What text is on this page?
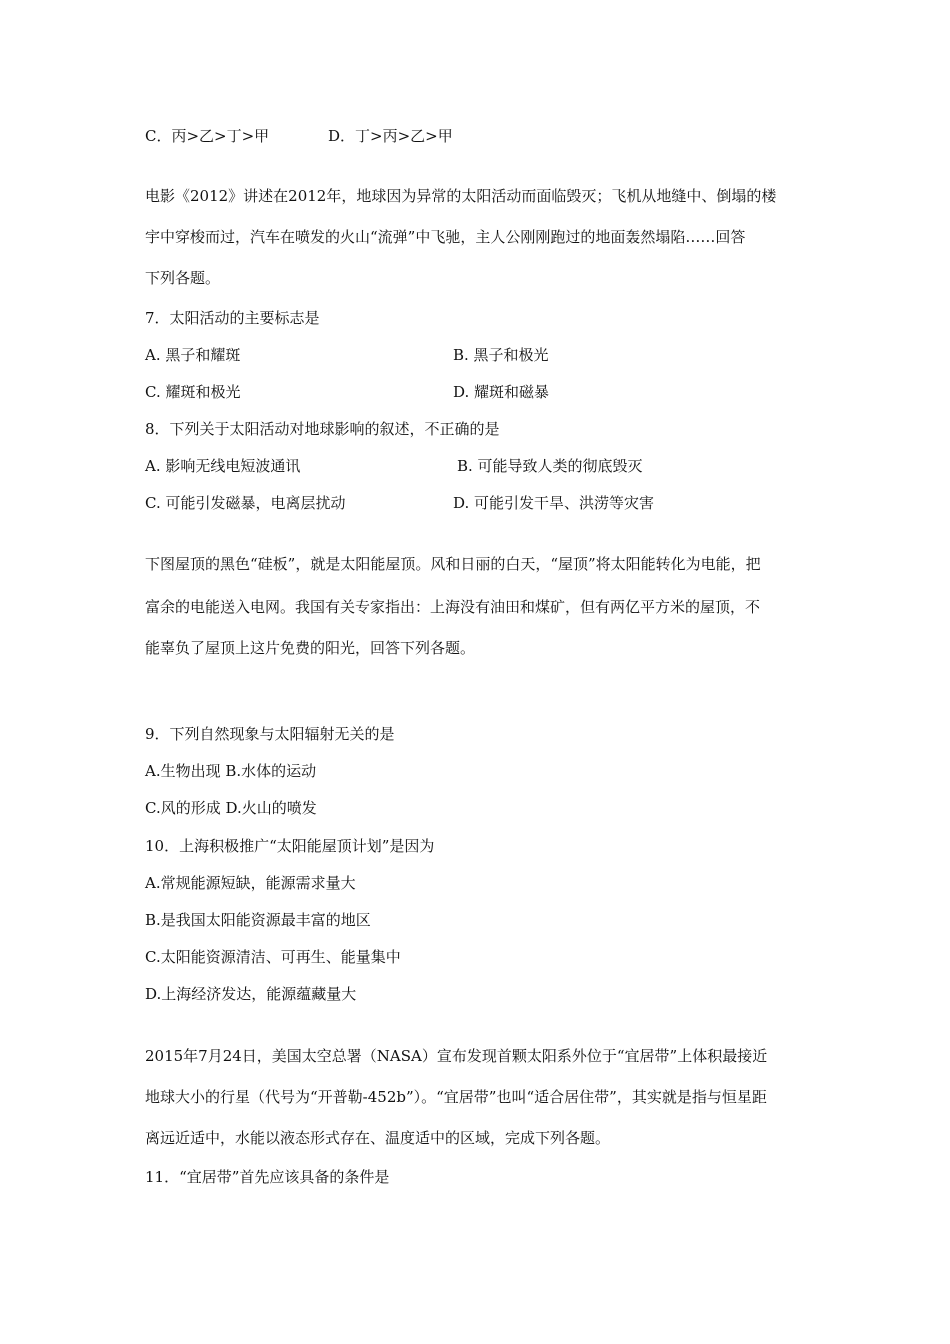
C．丙>乙>丁>甲	D．丁>丙>乙>甲
电影《2012》讲述在2012年，地球因为异常的太阳活动而面临毁灭；飞机从地缝中、倒塌的楼
宇中穿梭而过，汽车在喷发的火山“流弹”中飞驰，主人公刚刚跑过的地面轰然塌陷……回答
下列各题。
7．太阳活动的主要标志是
A. 黑子和耀斑	B. 黑子和极光
C. 耀斑和极光	D. 耀斑和磁暴
8．下列关于太阳活动对地球影响的叙述，不正确的是
A. 影响无线电短波通讯	B. 可能导致人类的彻底毁灭
C. 可能引发磁暴，电离层扰动	D. 可能引发干旱、洪涝等灾害
下图屋顶的黑色“硅板”，就是太阳能屋顶。风和日丽的白天，“屋顶”将太阳能转化为电能，把
富余的电能送入电网。我国有关专家指出：上海没有油田和煤矿，但有两亿平方米的屋顶，不
能辜负了屋顶上这片免费的阳光，回答下列各题。
9．下列自然现象与太阳辐射无关的是
A.生物出现 B.水体的运动
C.风的形成 D.火山的喷发
10．上海积极推广“太阳能屋顶计划”是因为
A.常规能源短缺，能源需求量大
B.是我国太阳能资源最丰富的地区
C.太阳能资源清洁、可再生、能量集中
D.上海经济发达，能源蕴藏量大
2015年7月24日，美国太空总署（NASA）宣布发现首颗太阳系外位于“宜居带”上体积最接近
地球大小的行星（代号为“开普勒-452b”）。“宜居带”也叫“适合居住带”，其实就是指与恒星距
离远近适中，水能以液态形式存在、温度适中的区域，完成下列各题。
11．“宜居带”首先应该具备的条件是
